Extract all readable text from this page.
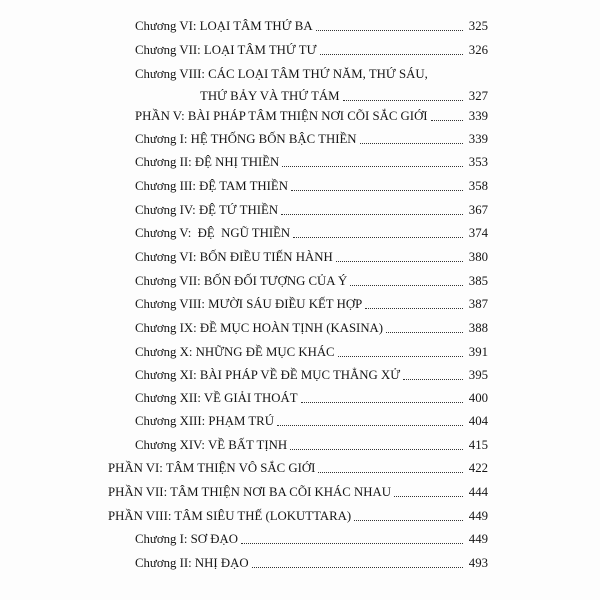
Chương VI: LOẠI TÂM THỨ BA	325
Chương VII: LOẠI TÂM THỨ TƯ	326
Chương VIII: CÁC LOẠI TÂM THỨ NĂM, THỨ SÁU,
THỨ BẢY VÀ THỨ TÁM	327
PHẦN V: BÀI PHÁP TÂM THIỆN NƠI CÕI SẮC GIỚI	339
Chương I: HỆ THỐNG BỐN BẬC THIỀN	339
Chương II: ĐỆ NHỊ THIỀN	353
Chương III: ĐỆ TAM THIỀN	358
Chương IV: ĐỆ TỨ THIỀN	367
Chương V:  ĐỆ  NGŨ THIỀN	374
Chương VI: BỐN ĐIỀU TIẾN HÀNH	380
Chương VII: BỐN ĐỐI TƯỢNG CỦA Ý	385
Chương VIII: MƯỜI SÁU ĐIỀU KẾT HỢP	387
Chương IX: ĐỀ MỤC HOÀN TỊNH (KASINA)	388
Chương X: NHỮNG ĐỀ MỤC KHÁC	391
Chương XI: BÀI PHÁP VỀ ĐỀ MỤC THẲNG XỬ	395
Chương XII: VỀ GIẢI THOÁT	400
Chương XIII: PHẠM TRÚ	404
Chương XIV: VỀ BẤT TỊNH	415
PHẦN VI: TÂM THIỆN VÔ SẮC GIỚI	422
PHẦN VII: TÂM THIỆN NƠI BA CÕI KHÁC NHAU	444
PHẦN VIII: TÂM SIÊU THẾ (LOKUTTARA)	449
Chương I: SƠ ĐẠO	449
Chương II: NHỊ ĐẠO	493
